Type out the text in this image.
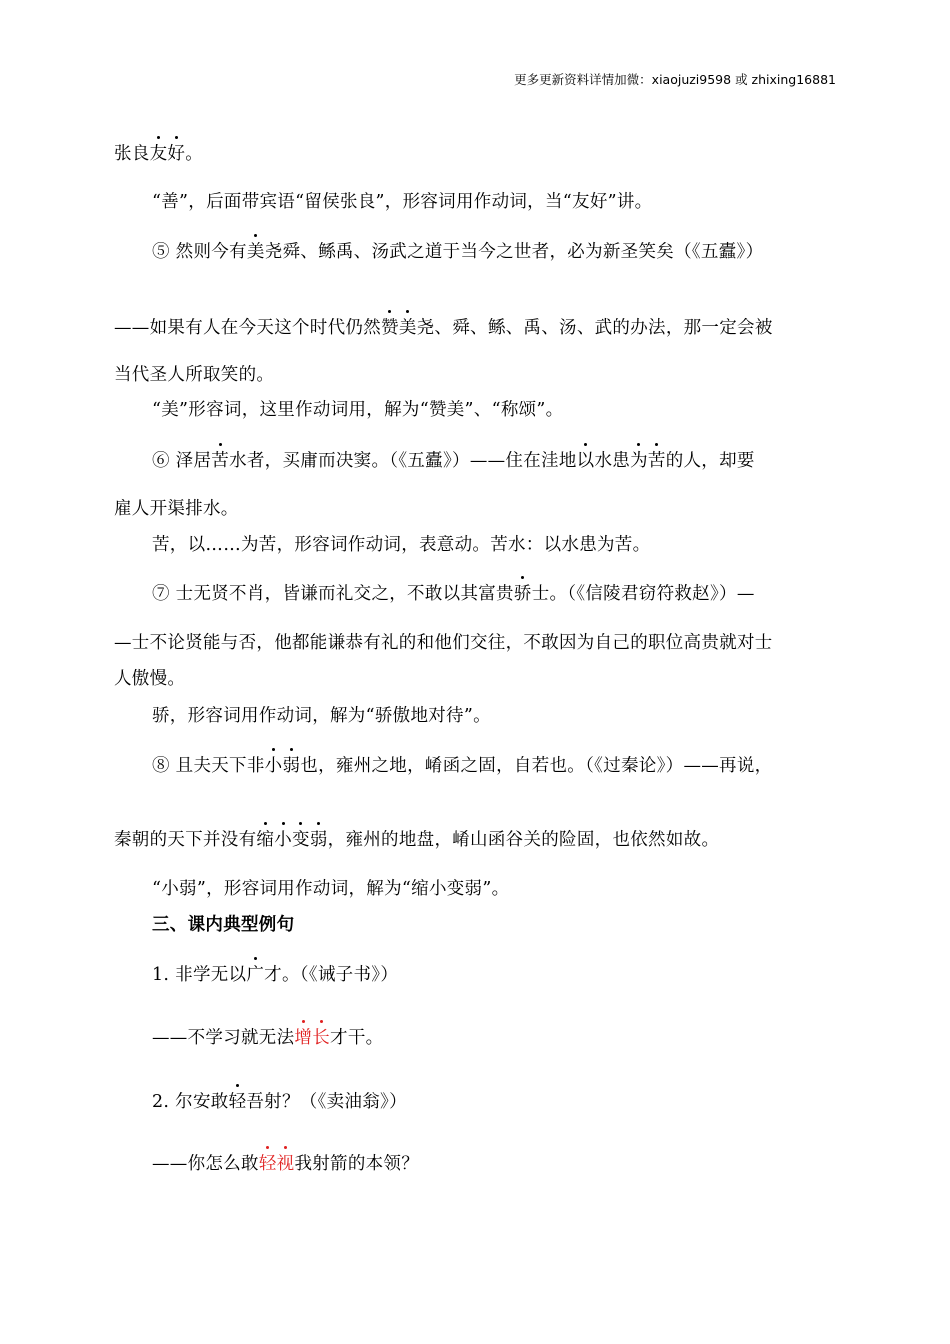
更多更新资料详情加微：xiaojuzi9598 或 zhixing16881
张良友好。
“善”，后面带宾语“留侯张良”，形容词用作动词，当“友好”讲。
⑤ 然则今有美尧舜、鲧禹、汤武之道于当今之世者，必为新圣笑矣（《五蠹》）
——如果有人在今天这个时代仍然赞美尧、舜、鲧、禹、汤、武的办法，那一定会被
当代圣人所取笑的。
“美”形容词，这里作动词用，解为“赞美”、“称颂”。
⑥ 泽居苦水者，买庸而决窦。（《五蠹》）——住在洼地以水患为苦的人，却要
雇人开渠排水。
苦，以……为苦，形容词作动词，表意动。苦水：以水患为苦。
⑦ 士无贤不肖，皆谦而礼交之，不敢以其富贵骄士。（《信陵君窃符救赵》）—
—士不论贤能与否，他都能谦恭有礼的和他们交往，不敢因为自己的职位高贵就对士
人傲慢。
骄，形容词用作动词，解为“骄傲地对待”。
⑧ 且夫天下非小弱也，雍州之地，崤函之固，自若也。（《过秦论》）——再说，
秦朝的天下并没有缩小变弱，雍州的地盘，崤山函谷关的险固，也依然如故。
“小弱”，形容词用作动词，解为“缩小变弱”。
三、课内典型例句
1. 非学无以广才。（《诫子书》）
——不学习就无法增长才干。
2. 尔安敢轻吾射？（《卖油翁》）
——你怎么敢轻视我射箭的本领？
